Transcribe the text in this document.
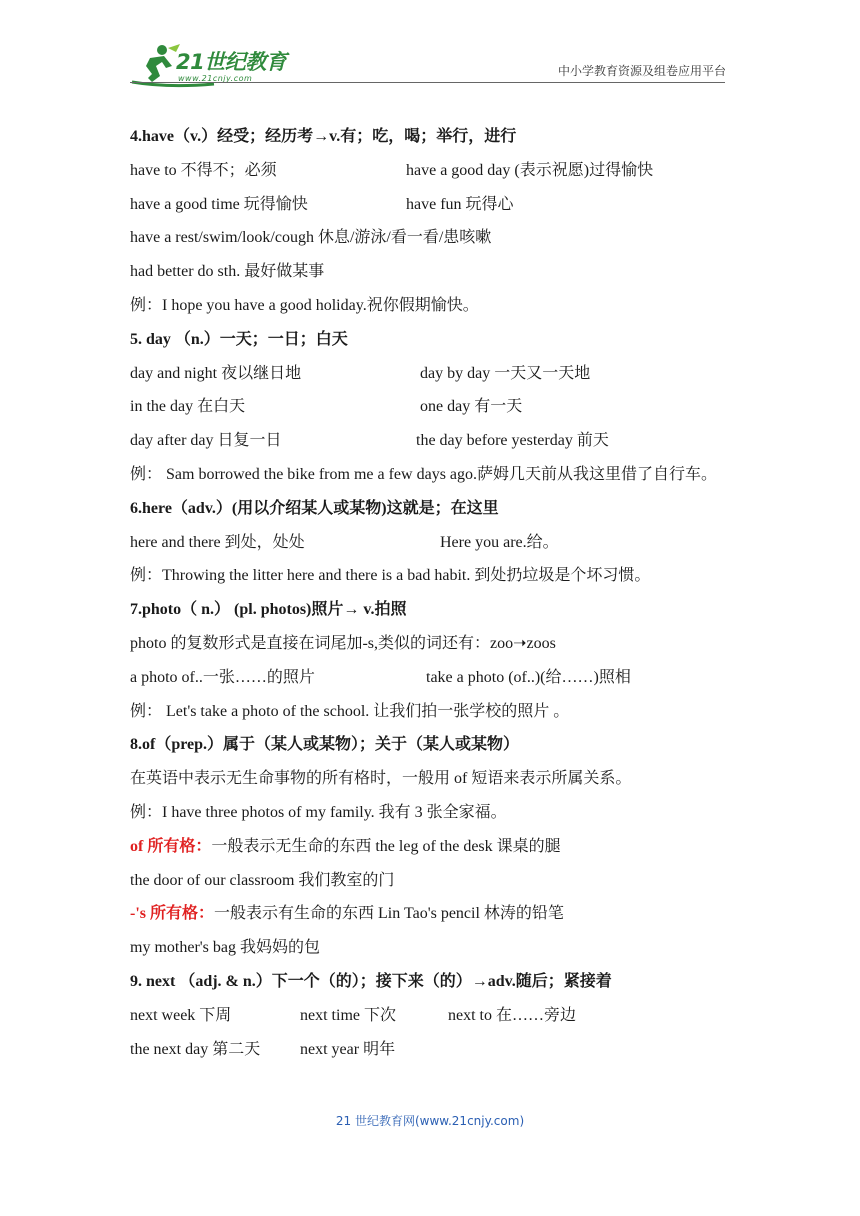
21世纪教育
www.21cnjy.com
中小学教育资源及组卷应用平台
4.have（v.）经受；经历考→v.有；吃，喝；举行，进行
have to 不得不；必须	have a good day (表示祝愿)过得愉快
have a good time 玩得愉快	have fun 玩得心
have a rest/swim/look/cough 休息/游泳/看一看/患咳嗽
had better do sth. 最好做某事
例：I hope you have a good holiday.祝你假期愉快。
5. day （n.）一天；一日；白天
day and night 夜以继日地	day by day 一天又一天地
in the day 在白天	one day 有一天
day after day 日复一日	the day before yesterday 前天
例： Sam borrowed the bike from me a few days ago.萨姆几天前从我这里借了自行车。
6.here（adv.）(用以介绍某人或某物)这就是；在这里
here and there 到处，处处	Here you are.给。
例：Throwing the litter here and there is a bad habit. 到处扔垃圾是个坏习惯。
7.photo（ n.） (pl. photos)照片→ v.拍照
photo 的复数形式是直接在词尾加-s,类似的词还有：zoo➝zoos
a photo of..一张……的照片	take a photo (of..)(给……)照相
例： Let's take a photo of the school. 让我们拍一张学校的照片 。
8.of（prep.）属于（某人或某物）；关于（某人或某物）
在英语中表示无生命事物的所有格时，一般用 of 短语来表示所属关系。
例：I have three photos of my family. 我有 3 张全家福。
of 所有格：一般表示无生命的东西 the leg of the desk 课桌的腿
the door of our classroom 我们教室的门
-'s 所有格：一般表示有生命的东西 Lin Tao's pencil 林涛的铅笔
my mother's bag 我妈妈的包
9. next （adj. & n.）下一个（的）；接下来（的）→adv.随后；紧接着
next week 下周	next time 下次	next to 在……旁边
the next day 第二天 next year 明年
21 世纪教育网(www.21cnjy.com)
